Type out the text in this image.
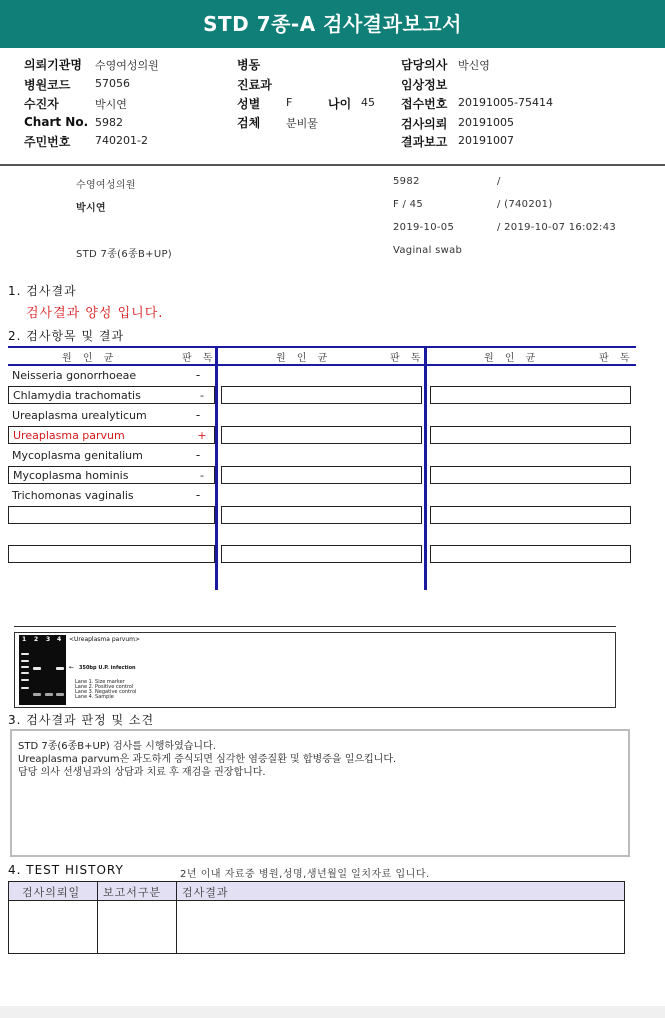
STD 7종-A 검사결과보고서
의뢰기관명 수영여성의원
병원코드 57056
수진자	박시연
Chart No. 5982
주민번호 740201-2
병동
진료과
성별 F	나이 45
검체 분비물
담당의사 박신영
임상정보
접수번호 20191005-75414
검사의뢰 20191005
결과보고 20191007
수영여성의원	5982	/
박시연	F / 45	/ (740201)
2019-10-05	/ 2019-10-07 16:02:43
STD 7종(6종B+UP)	Vaginal swab
1. 검사결과
검사결과 양성 입니다.
2. 검사항목 및 결과
원 인 균	판 독	원 인 균	판 독	원 인 균	판 독
Neisseria gonorrhoeae	-
Chlamydia trachomatis	-
Ureaplasma urealyticum	-
Ureaplasma parvum	+
Mycoplasma genitalium	-
Mycoplasma hominis	-
Trichomonas vaginalis	-
1 2 3 4 <Ureaplasma parvum>
← 350bp U.P. infection
Lane 1. Size marker
Lane 2. Positive control
Lane 3. Negative control
Lane 4. Sample
3. 검사결과 판정 및 소견
STD 7종(6종B+UP) 검사를 시행하였습니다.
Ureaplasma parvum은 과도하게 증식되면 심각한 염증질환 및 합병증을 일으킵니다.
담당 의사 선생님과의 상담과 치료 후 재검을 권장합니다.
4. TEST HISTORY	2년 이내 자료중 병원,성명,생년월일 일치자료 입니다.
검사의뢰일 보고서구분 검사결과
